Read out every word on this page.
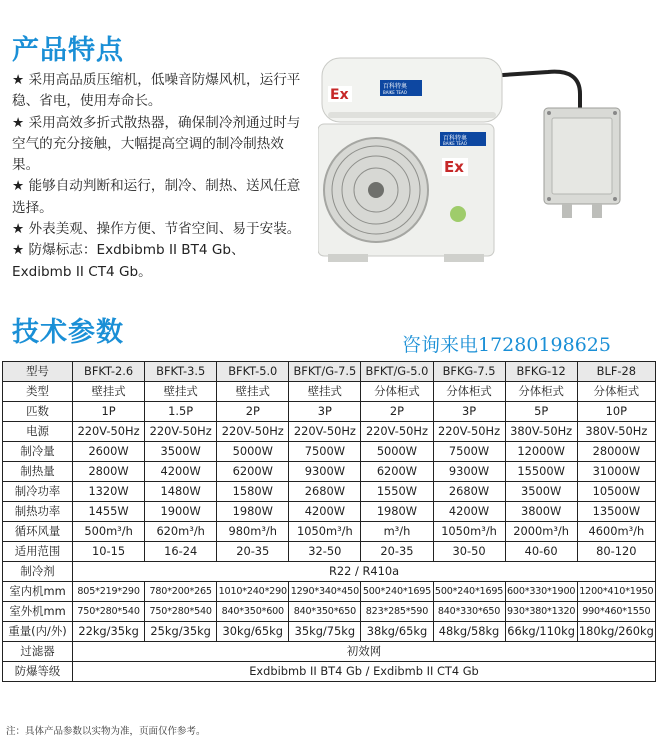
产品特点

★ 采用高品质压缩机，低噪音防爆风机，运行平稳、省电，使用寿命长。

★ 采用高效多折式散热器，确保制冷剂通过时与空气的充分接触，大幅提高空调的制冷制热效果。

★ 能够自动判断和运行，制冷、制热、送风任意选择。

★ 外表美观、操作方便、节省空间、易于安装。

★ 防爆标志：Exdbibmb II BT4 Gb、Exdibmb II CT4 Gb。

Ex
百科特奥
BAIKE TEAO
百科特奥
BAIKE TEAO
Ex
技术参数	咨询来电17280198625
型号	BFKT-2.6	BFKT-3.5	BFKT-5.0	BFKT/G-7.5	BFKT/G-5.0	BFKG-7.5	BFKG-12	BLF-28
类型	壁挂式	壁挂式	壁挂式	壁挂式	分体柜式	分体柜式	分体柜式	分体柜式
匹数	1P	1.5P	2P	3P	2P	3P	5P	10P
电源	220V-50Hz	220V-50Hz	220V-50Hz	220V-50Hz	220V-50Hz	220V-50Hz	380V-50Hz	380V-50Hz
制冷量	2600W	3500W	5000W	7500W	5000W	7500W	12000W	28000W
制热量	2800W	4200W	6200W	9300W	6200W	9300W	15500W	31000W
制冷功率	1320W	1480W	1580W	2680W	1550W	2680W	3500W	10500W
制热功率	1455W	1900W	1980W	4200W	1980W	4200W	3800W	13500W
循环风量	500m³/h	620m³/h	980m³/h	1050m³/h	m³/h	1050m³/h	2000m³/h	4600m³/h
适用范围	10-15	16-24	20-35	32-50	20-35	30-50	40-60	80-120
制冷剂	R22 / R410a							
室内机mm	805*219*290	780*200*265	1010*240*290	1290*340*450	500*240*1695	500*240*1695	600*330*1900	1200*410*1950
室外机mm	750*280*540	750*280*540	840*350*600	840*350*650	823*285*590	840*330*650	930*380*1320	990*460*1550
重量(内/外)	22kg/35kg	25kg/35kg	30kg/65kg	35kg/75kg	38kg/65kg	48kg/58kg	66kg/110kg	180kg/260kg
过滤器	初效网							
防爆等级	Exdbibmb II BT4 Gb / Exdibmb II CT4 Gb							
注：具体产品参数以实物为准，页面仅作参考。
